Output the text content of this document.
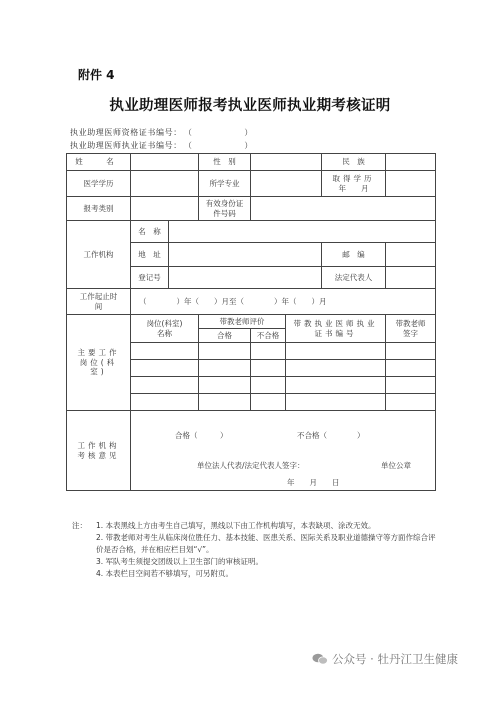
附件 4
执业助理医师报考执业医师执业期考核证明
执业助理医师资格证书编号： （	）
执业助理医师执业证书编号： （	）
姓　名			性　别			民　族	
医学学历			所学专业			取得学历
年　　月	

报考类别			有效身份证件号码				
工作机构	名　称						
	地　址					邮　编	
	登记号					法定代表人	
工作起止时　间	（　　　　）年（　　）月至（　　　　）年（　　）月						
主要工作岗位(科室)	岗位(科室)名称		带教老师评价		带教执业医师执业证书编号		带教老师签字
			合格	不合格			

工作机构考核意见	合格（　　　） 不合格（　　　　）
单位法人代表/法定代表人签字： 单位公章
年　　月　　日						
注： 1. 本表黑线上方由考生自己填写，黑线以下由工作机构填写，本表缺项、涂改无效。
2. 带教老师对考生从临床岗位胜任力、基本技能、医患关系、医际关系及职业道德操守等方面作综合评价是否合格，并在相应栏目划“√”。
3. 军队考生须提交团级以上卫生部门的审核证明。
4. 本表栏目空间若不够填写，可另附页。
公众号 · 牡丹江卫生健康
